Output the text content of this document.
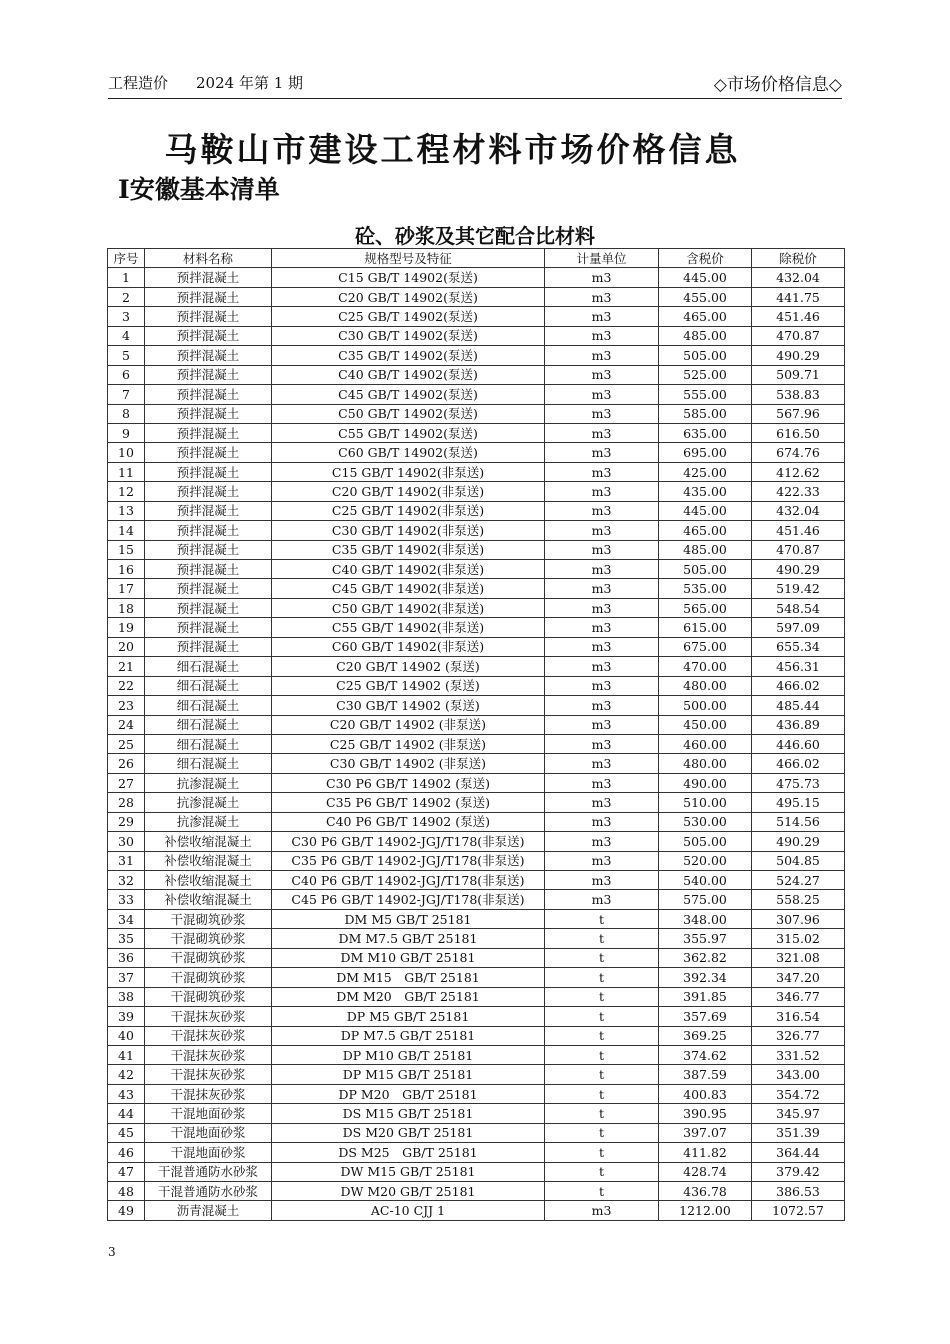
工程造价 2024 年第 1 期	◇市场价格信息◇
马鞍山市建设工程材料市场价格信息
Ⅰ安徽基本清单
砼、砂浆及其它配合比材料
序号	材料名称	规格型号及特征	计量单位	含税价	除税价
1	预拌混凝土	C15 GB/T 14902(泵送)	m3	445.00	432.04
2	预拌混凝土	C20 GB/T 14902(泵送)	m3	455.00	441.75
3	预拌混凝土	C25 GB/T 14902(泵送)	m3	465.00	451.46
4	预拌混凝土	C30 GB/T 14902(泵送)	m3	485.00	470.87
5	预拌混凝土	C35 GB/T 14902(泵送)	m3	505.00	490.29
6	预拌混凝土	C40 GB/T 14902(泵送)	m3	525.00	509.71
7	预拌混凝土	C45 GB/T 14902(泵送)	m3	555.00	538.83
8	预拌混凝土	C50 GB/T 14902(泵送)	m3	585.00	567.96
9	预拌混凝土	C55 GB/T 14902(泵送)	m3	635.00	616.50
10	预拌混凝土	C60 GB/T 14902(泵送)	m3	695.00	674.76
11	预拌混凝土	C15 GB/T 14902(非泵送)	m3	425.00	412.62
12	预拌混凝土	C20 GB/T 14902(非泵送)	m3	435.00	422.33
13	预拌混凝土	C25 GB/T 14902(非泵送)	m3	445.00	432.04
14	预拌混凝土	C30 GB/T 14902(非泵送)	m3	465.00	451.46
15	预拌混凝土	C35 GB/T 14902(非泵送)	m3	485.00	470.87
16	预拌混凝土	C40 GB/T 14902(非泵送)	m3	505.00	490.29
17	预拌混凝土	C45 GB/T 14902(非泵送)	m3	535.00	519.42
18	预拌混凝土	C50 GB/T 14902(非泵送)	m3	565.00	548.54
19	预拌混凝土	C55 GB/T 14902(非泵送)	m3	615.00	597.09
20	预拌混凝土	C60 GB/T 14902(非泵送)	m3	675.00	655.34
21	细石混凝土	C20 GB/T 14902 (泵送)	m3	470.00	456.31
22	细石混凝土	C25 GB/T 14902 (泵送)	m3	480.00	466.02
23	细石混凝土	C30 GB/T 14902 (泵送)	m3	500.00	485.44
24	细石混凝土	C20 GB/T 14902 (非泵送)	m3	450.00	436.89
25	细石混凝土	C25 GB/T 14902 (非泵送)	m3	460.00	446.60
26	细石混凝土	C30 GB/T 14902 (非泵送)	m3	480.00	466.02
27	抗渗混凝土	C30 P6 GB/T 14902 (泵送)	m3	490.00	475.73
28	抗渗混凝土	C35 P6 GB/T 14902 (泵送)	m3	510.00	495.15
29	抗渗混凝土	C40 P6 GB/T 14902 (泵送)	m3	530.00	514.56
30	补偿收缩混凝土	C30 P6 GB/T 14902-JGJ/T178(非泵送)	m3	505.00	490.29
31	补偿收缩混凝土	C35 P6 GB/T 14902-JGJ/T178(非泵送)	m3	520.00	504.85
32	补偿收缩混凝土	C40 P6 GB/T 14902-JGJ/T178(非泵送)	m3	540.00	524.27
33	补偿收缩混凝土	C45 P6 GB/T 14902-JGJ/T178(非泵送)	m3	575.00	558.25
34	干混砌筑砂浆	DM M5 GB/T 25181	t	348.00	307.96
35	干混砌筑砂浆	DM M7.5 GB/T 25181	t	355.97	315.02
36	干混砌筑砂浆	DM M10 GB/T 25181	t	362.82	321.08
37	干混砌筑砂浆	DM M15　GB/T 25181	t	392.34	347.20
38	干混砌筑砂浆	DM M20　GB/T 25181	t	391.85	346.77
39	干混抹灰砂浆	DP M5 GB/T 25181	t	357.69	316.54
40	干混抹灰砂浆	DP M7.5 GB/T 25181	t	369.25	326.77
41	干混抹灰砂浆	DP M10 GB/T 25181	t	374.62	331.52
42	干混抹灰砂浆	DP M15 GB/T 25181	t	387.59	343.00
43	干混抹灰砂浆	DP M20　GB/T 25181	t	400.83	354.72
44	干混地面砂浆	DS M15 GB/T 25181	t	390.95	345.97
45	干混地面砂浆	DS M20 GB/T 25181	t	397.07	351.39
46	干混地面砂浆	DS M25　GB/T 25181	t	411.82	364.44
47	干混普通防水砂浆	DW M15 GB/T 25181	t	428.74	379.42
48	干混普通防水砂浆	DW M20 GB/T 25181	t	436.78	386.53
49	沥青混凝土	AC-10 CJJ 1	m3	1212.00	1072.57
3
